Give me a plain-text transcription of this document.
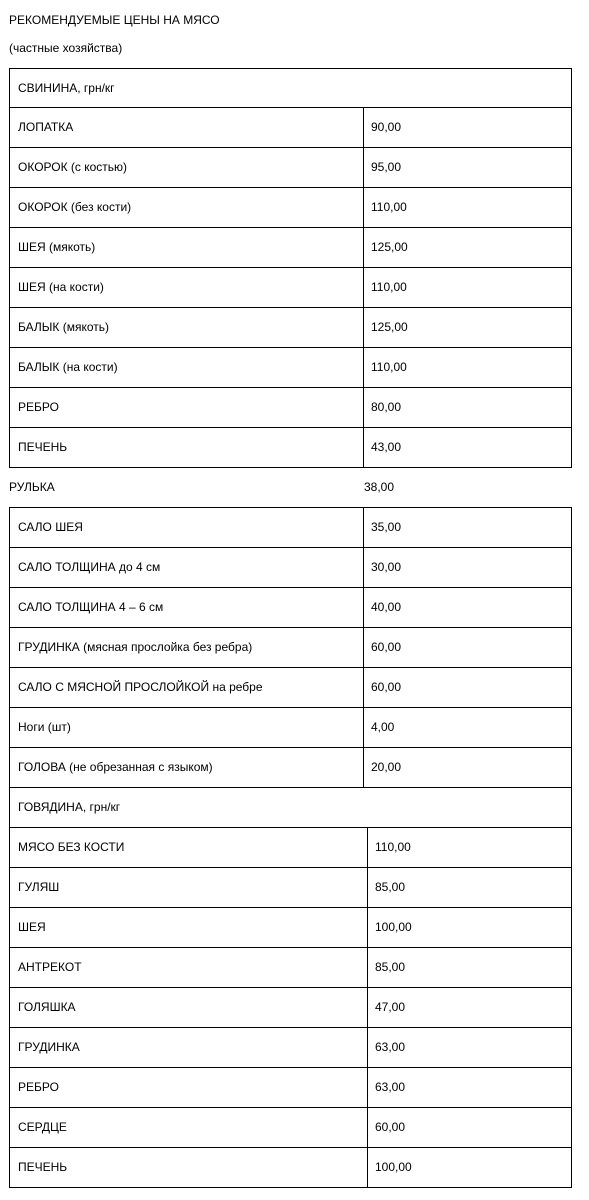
РЕКОМЕНДУЕМЫЕ ЦЕНЫ НА МЯСО
(частные хозяйства)
СВИНИНА, грн/кг
ЛОПАТКА	90,00
ОКОРОК (с костью)	95,00
ОКОРОК (без кости)	110,00
ШЕЯ (мякоть)	125,00
ШЕЯ (на кости)	110,00
БАЛЫК (мякоть)	125,00
БАЛЫК (на кости)	110,00
РЕБРО	80,00
ПЕЧЕНЬ	43,00
РУЛЬКА	38,00
САЛО ШЕЯ	35,00
САЛО ТОЛЩИНА до 4 см	30,00
САЛО ТОЛЩИНА 4 – 6 см	40,00
ГРУДИНКА (мясная прослойка без ребра)	60,00
САЛО С МЯСНОЙ ПРОСЛОЙКОЙ на ребре	60,00
Ноги (шт)	4,00
ГОЛОВА (не обрезанная с языком)	20,00
ГОВЯДИНА, грн/кг
МЯСО БЕЗ КОСТИ	110,00
ГУЛЯШ	85,00
ШЕЯ	100,00
АНТРЕКОТ	85,00
ГОЛЯШКА	47,00
ГРУДИНКА	63,00
РЕБРО	63,00
СЕРДЦЕ	60,00
ПЕЧЕНЬ	100,00
